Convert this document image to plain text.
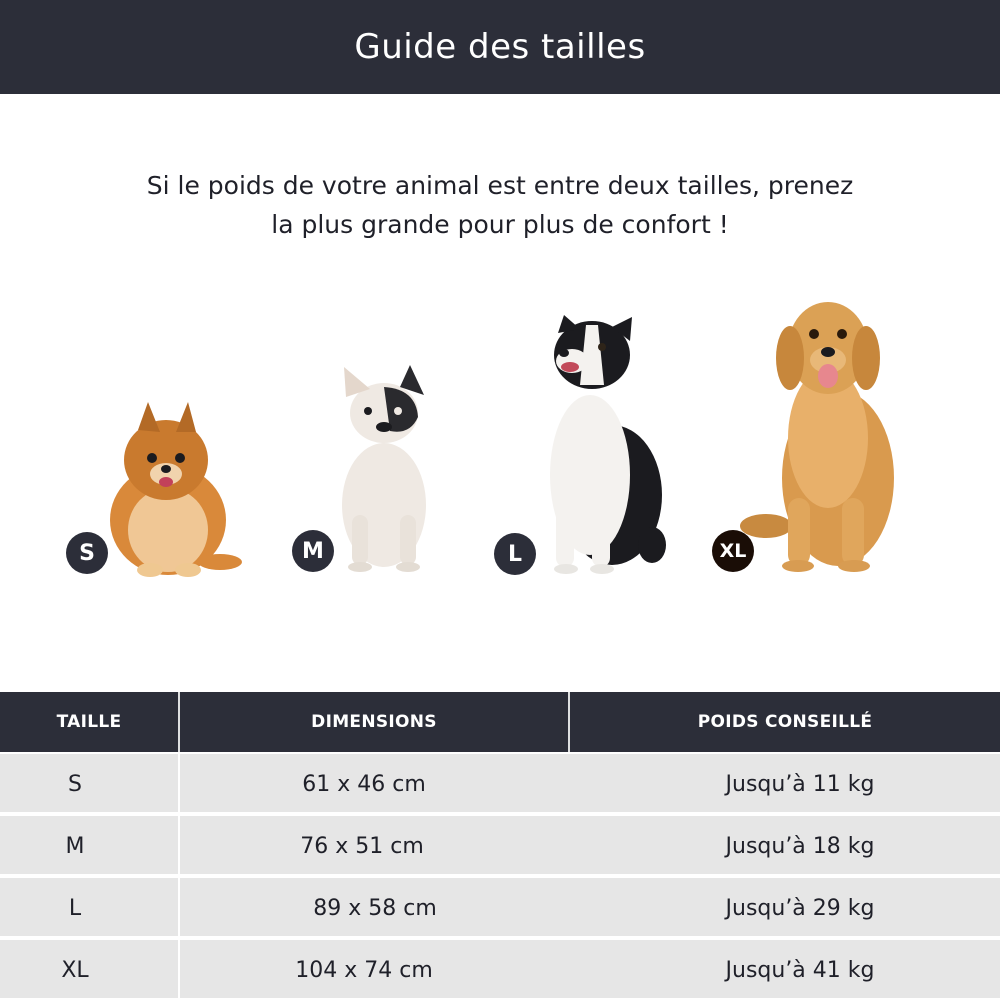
Guide des tailles
Si le poids de votre animal est entre deux tailles, prenez
la plus grande pour plus de confort !
S	M	L	XL
TAILLE	DIMENSIONS	POIDS CONSEILLÉ
S	61 x 46 cm	Jusqu’à 11 kg
M	76 x 51 cm	Jusqu’à 18 kg
L	89 x 58 cm	Jusqu’à 29 kg
XL	104 x 74 cm	Jusqu’à 41 kg
